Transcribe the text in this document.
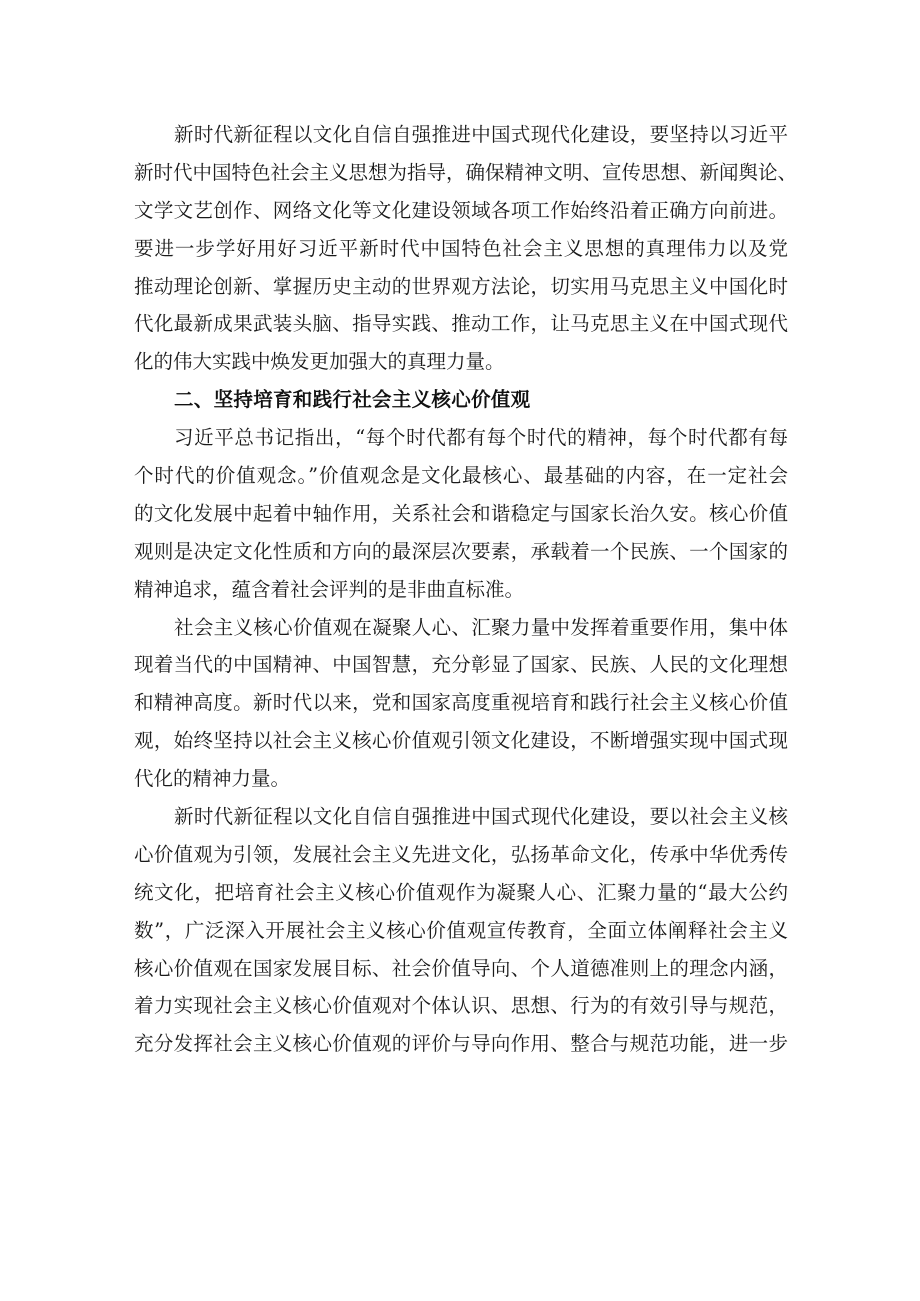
新时代新征程以文化自信自强推进中国式现代化建设，要坚持以习近平
新时代中国特色社会主义思想为指导，确保精神文明、宣传思想、新闻舆论、
文学文艺创作、网络文化等文化建设领域各项工作始终沿着正确方向前进。
要进一步学好用好习近平新时代中国特色社会主义思想的真理伟力以及党
推动理论创新、掌握历史主动的世界观方法论，切实用马克思主义中国化时
代化最新成果武装头脑、指导实践、推动工作，让马克思主义在中国式现代
化的伟大实践中焕发更加强大的真理力量。
二、坚持培育和践行社会主义核心价值观
习近平总书记指出，“每个时代都有每个时代的精神，每个时代都有每
个时代的价值观念。”价值观念是文化最核心、最基础的内容，在一定社会
的文化发展中起着中轴作用，关系社会和谐稳定与国家长治久安。核心价值
观则是决定文化性质和方向的最深层次要素，承载着一个民族、一个国家的
精神追求，蕴含着社会评判的是非曲直标准。
社会主义核心价值观在凝聚人心、汇聚力量中发挥着重要作用，集中体
现着当代的中国精神、中国智慧，充分彰显了国家、民族、人民的文化理想
和精神高度。新时代以来，党和国家高度重视培育和践行社会主义核心价值
观，始终坚持以社会主义核心价值观引领文化建设，不断增强实现中国式现
代化的精神力量。
新时代新征程以文化自信自强推进中国式现代化建设，要以社会主义核
心价值观为引领，发展社会主义先进文化，弘扬革命文化，传承中华优秀传
统文化，把培育社会主义核心价值观作为凝聚人心、汇聚力量的“最大公约
数”，广泛深入开展社会主义核心价值观宣传教育，全面立体阐释社会主义
核心价值观在国家发展目标、社会价值导向、个人道德准则上的理念内涵，
着力实现社会主义核心价值观对个体认识、思想、行为的有效引导与规范，
充分发挥社会主义核心价值观的评价与导向作用、整合与规范功能，进一步
